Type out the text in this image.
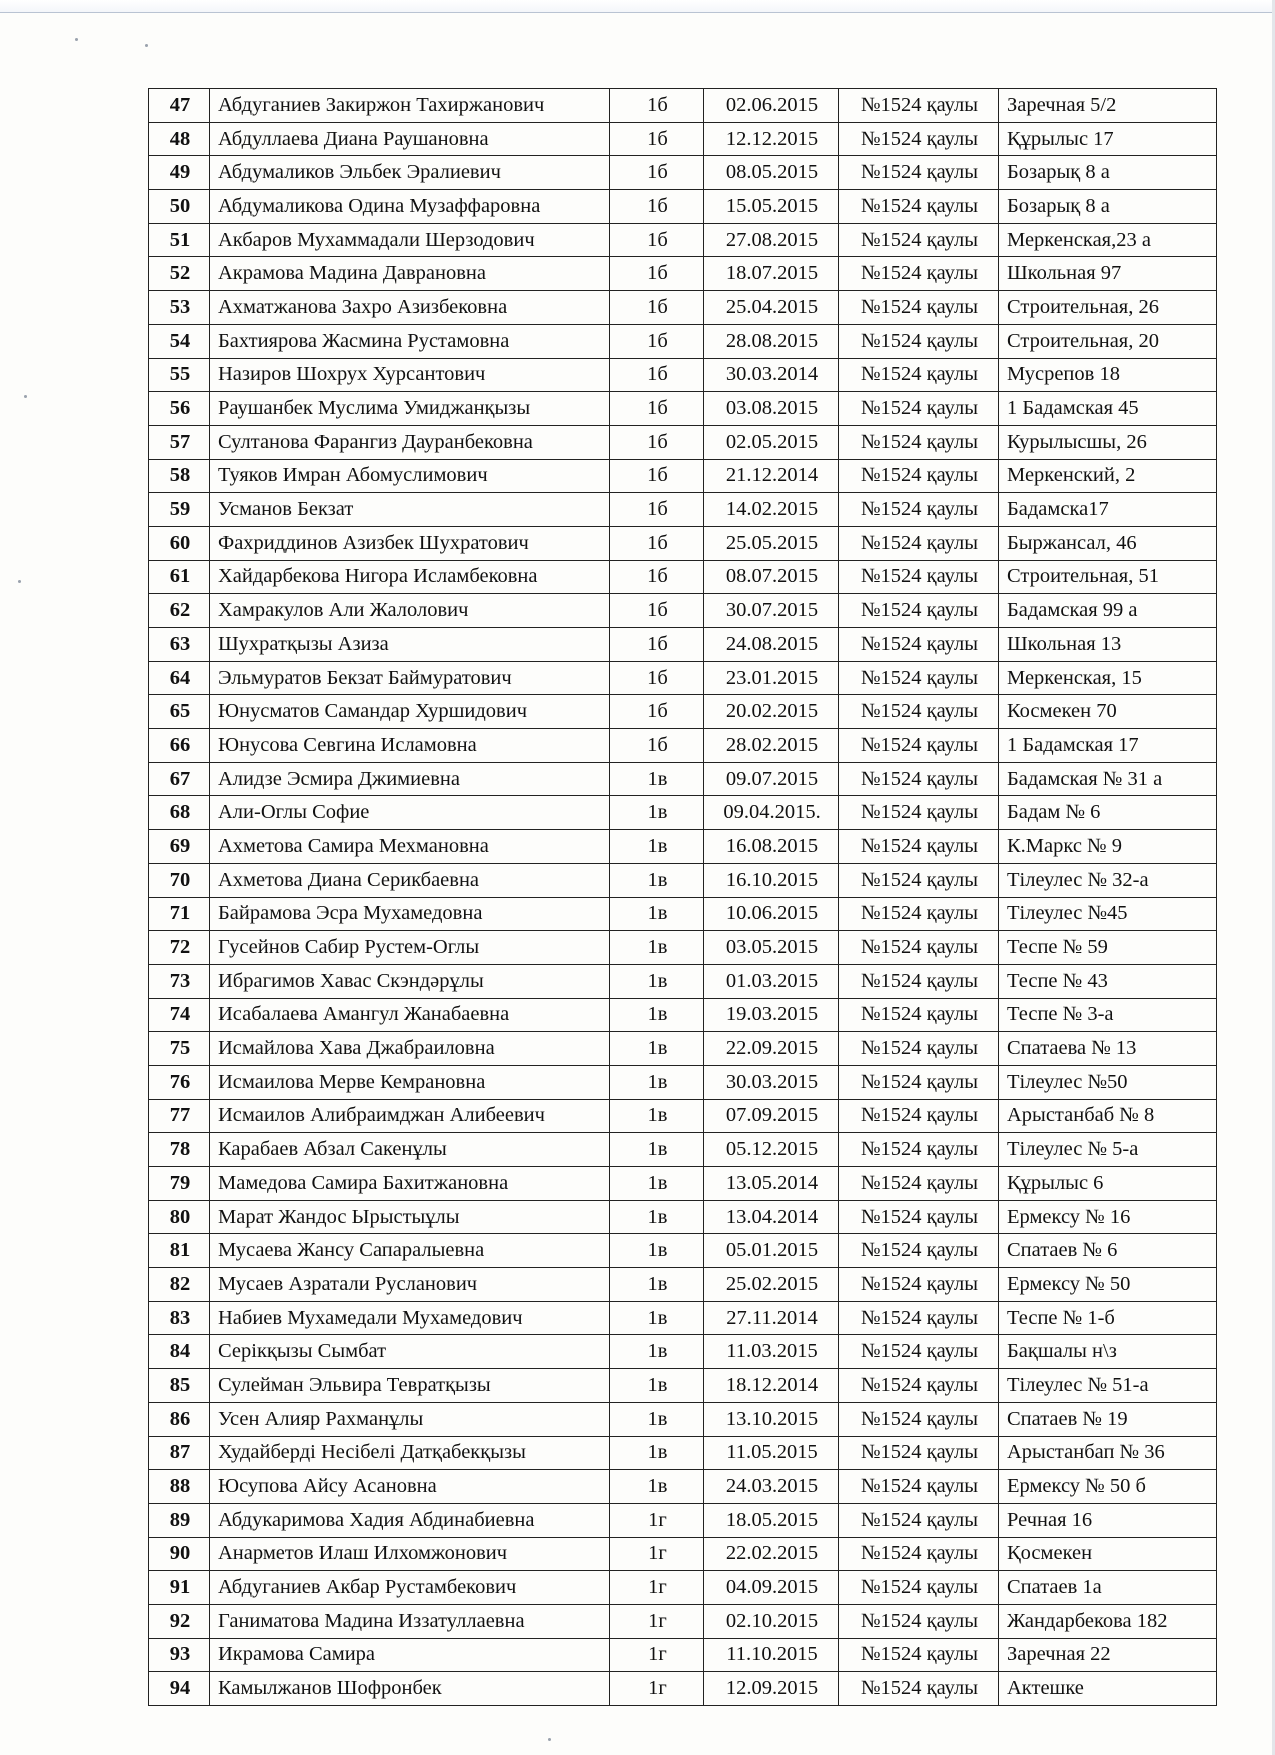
47	Абдуганиев Закиржон Тахиржанович	1б	02.06.2015	№1524 қаулы	Заречная 5/2
48	Абдуллаева Диана Раушановна	1б	12.12.2015	№1524 қаулы	Құрылыс 17
49	Абдумаликов Эльбек Эралиевич	1б	08.05.2015	№1524 қаулы	Бозарық 8 а
50	Абдумаликова Одина Музаффаровна	1б	15.05.2015	№1524 қаулы	Бозарық 8 а
51	Акбаров Мухаммадали Шерзодович	1б	27.08.2015	№1524 қаулы	Меркенская,23 а
52	Акрамова Мадина Даврановна	1б	18.07.2015	№1524 қаулы	Школьная 97
53	Ахматжанова Захро Азизбековна	1б	25.04.2015	№1524 қаулы	Строительная, 26
54	Бахтиярова Жасмина Рустамовна	1б	28.08.2015	№1524 қаулы	Строительная, 20
55	Назиров Шохрух Хурсантович	1б	30.03.2014	№1524 қаулы	Мусрепов 18
56	Раушанбек Муслима Умиджанқызы	1б	03.08.2015	№1524 қаулы	1 Бадамская 45
57	Султанова Фарангиз Дауранбековна	1б	02.05.2015	№1524 қаулы	Курылысшы, 26
58	Туяков Имран Абомуслимович	1б	21.12.2014	№1524 қаулы	Меркенский, 2
59	Усманов Бекзат	1б	14.02.2015	№1524 қаулы	Бадамска17
60	Фахриддинов Азизбек Шухратович	1б	25.05.2015	№1524 қаулы	Быржансал, 46
61	Хайдарбекова Нигора Исламбековна	1б	08.07.2015	№1524 қаулы	Строительная, 51
62	Хамракулов Али Жалолович	1б	30.07.2015	№1524 қаулы	Бадамская 99 а
63	Шухратқызы Азиза	1б	24.08.2015	№1524 қаулы	Школьная 13
64	Эльмуратов Бекзат Баймуратович	1б	23.01.2015	№1524 қаулы	Меркенская, 15
65	Юнусматов Самандар Хуршидович	1б	20.02.2015	№1524 қаулы	Космекен 70
66	Юнусова Севгина Исламовна	1б	28.02.2015	№1524 қаулы	1 Бадамская 17
67	Алидзе Эсмира Джимиевна	1в	09.07.2015	№1524 қаулы	Бадамская № 31 а
68	Али-Оглы Софие	1в	09.04.2015.	№1524 қаулы	Бадам № 6
69	Ахметова Самира Мехмановна	1в	16.08.2015	№1524 қаулы	К.Маркс № 9
70	Ахметова Диана Серикбаевна	1в	16.10.2015	№1524 қаулы	Тілеулес № 32-а
71	Байрамова Эсра Мухамедовна	1в	10.06.2015	№1524 қаулы	Тілеулес №45
72	Гусейнов Сабир Рустем-Оглы	1в	03.05.2015	№1524 қаулы	Теспе № 59
73	Ибрагимов Хавас Скэндәрұлы	1в	01.03.2015	№1524 қаулы	Теспе № 43
74	Исабалаева Амангул Жанабаевна	1в	19.03.2015	№1524 қаулы	Теспе № 3-а
75	Исмайлова Хава Джабраиловна	1в	22.09.2015	№1524 қаулы	Спатаева № 13
76	Исмаилова Мерве Кемрановна	1в	30.03.2015	№1524 қаулы	Тілеулес №50
77	Исмаилов Алибраимджан Алибеевич	1в	07.09.2015	№1524 қаулы	Арыстанбаб № 8
78	Карабаев Абзал Сакенұлы	1в	05.12.2015	№1524 қаулы	Тілеулес № 5-а
79	Мамедова Самира Бахитжановна	1в	13.05.2014	№1524 қаулы	Құрылыс 6
80	Марат Жандос Ырыстыұлы	1в	13.04.2014	№1524 қаулы	Ермексу № 16
81	Мусаева Жансу Сапаралыевна	1в	05.01.2015	№1524 қаулы	Спатаев № 6
82	Мусаев Азратали Русланович	1в	25.02.2015	№1524 қаулы	Ермексу № 50
83	Набиев Мухамедали Мухамедович	1в	27.11.2014	№1524 қаулы	Теспе № 1-б
84	Серікқызы Сымбат	1в	11.03.2015	№1524 қаулы	Бақшалы н\з
85	Сулейман Эльвира Тевратқызы	1в	18.12.2014	№1524 қаулы	Тілеулес № 51-а
86	Усен Алияр Рахманұлы	1в	13.10.2015	№1524 қаулы	Спатаев № 19
87	Худайберді Несібелі Датқабекқызы	1в	11.05.2015	№1524 қаулы	Арыстанбап № 36
88	Юсупова Айсу Асановна	1в	24.03.2015	№1524 қаулы	Ермексу № 50 б
89	Абдукаримова Хадия Абдинабиевна	1г	18.05.2015	№1524 қаулы	Речная 16
90	Анарметов Илаш Илхомжонович	1г	22.02.2015	№1524 қаулы	Қосмекен
91	Абдуганиев Акбар Рустамбекович	1г	04.09.2015	№1524 қаулы	Спатаев 1а
92	Ганиматова Мадина Иззатуллаевна	1г	02.10.2015	№1524 қаулы	Жандарбекова 182
93	Икрамова Самира	1г	11.10.2015	№1524 қаулы	Заречная 22
94	Камылжанов Шофронбек	1г	12.09.2015	№1524 қаулы	Актешке
